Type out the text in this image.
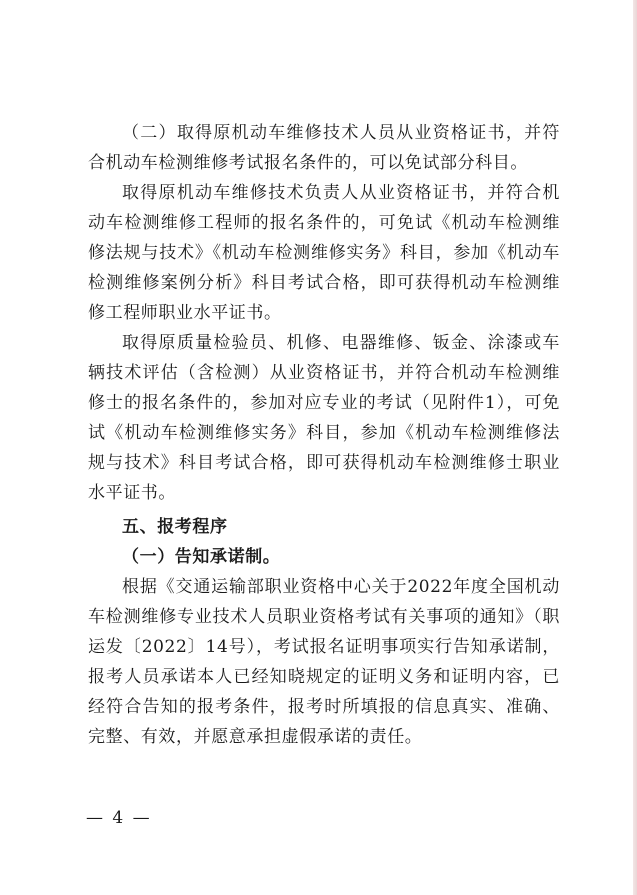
（二）取得原机动车维修技术人员从业资格证书，并符合机动车检测维修考试报名条件的，可以免试部分科目。

取得原机动车维修技术负责人从业资格证书，并符合机动车检测维修工程师的报名条件的，可免试《机动车检测维修法规与技术》《机动车检测维修实务》科目，参加《机动车检测维修案例分析》科目考试合格，即可获得机动车检测维修工程师职业水平证书。

取得原质量检验员、机修、电器维修、钣金、涂漆或车辆技术评估（含检测）从业资格证书，并符合机动车检测维修士的报名条件的，参加对应专业的考试（见附件1），可免试《机动车检测维修实务》科目，参加《机动车检测维修法规与技术》科目考试合格，即可获得机动车检测维修士职业水平证书。

五、报考程序

（一）告知承诺制。

根据《交通运输部职业资格中心关于2022年度全国机动车检测维修专业技术人员职业资格考试有关事项的通知》（职运发〔2022〕14号），考试报名证明事项实行告知承诺制，报考人员承诺本人已经知晓规定的证明义务和证明内容，已经符合告知的报考条件，报考时所填报的信息真实、准确、完整、有效，并愿意承担虚假承诺的责任。

— 4 —
